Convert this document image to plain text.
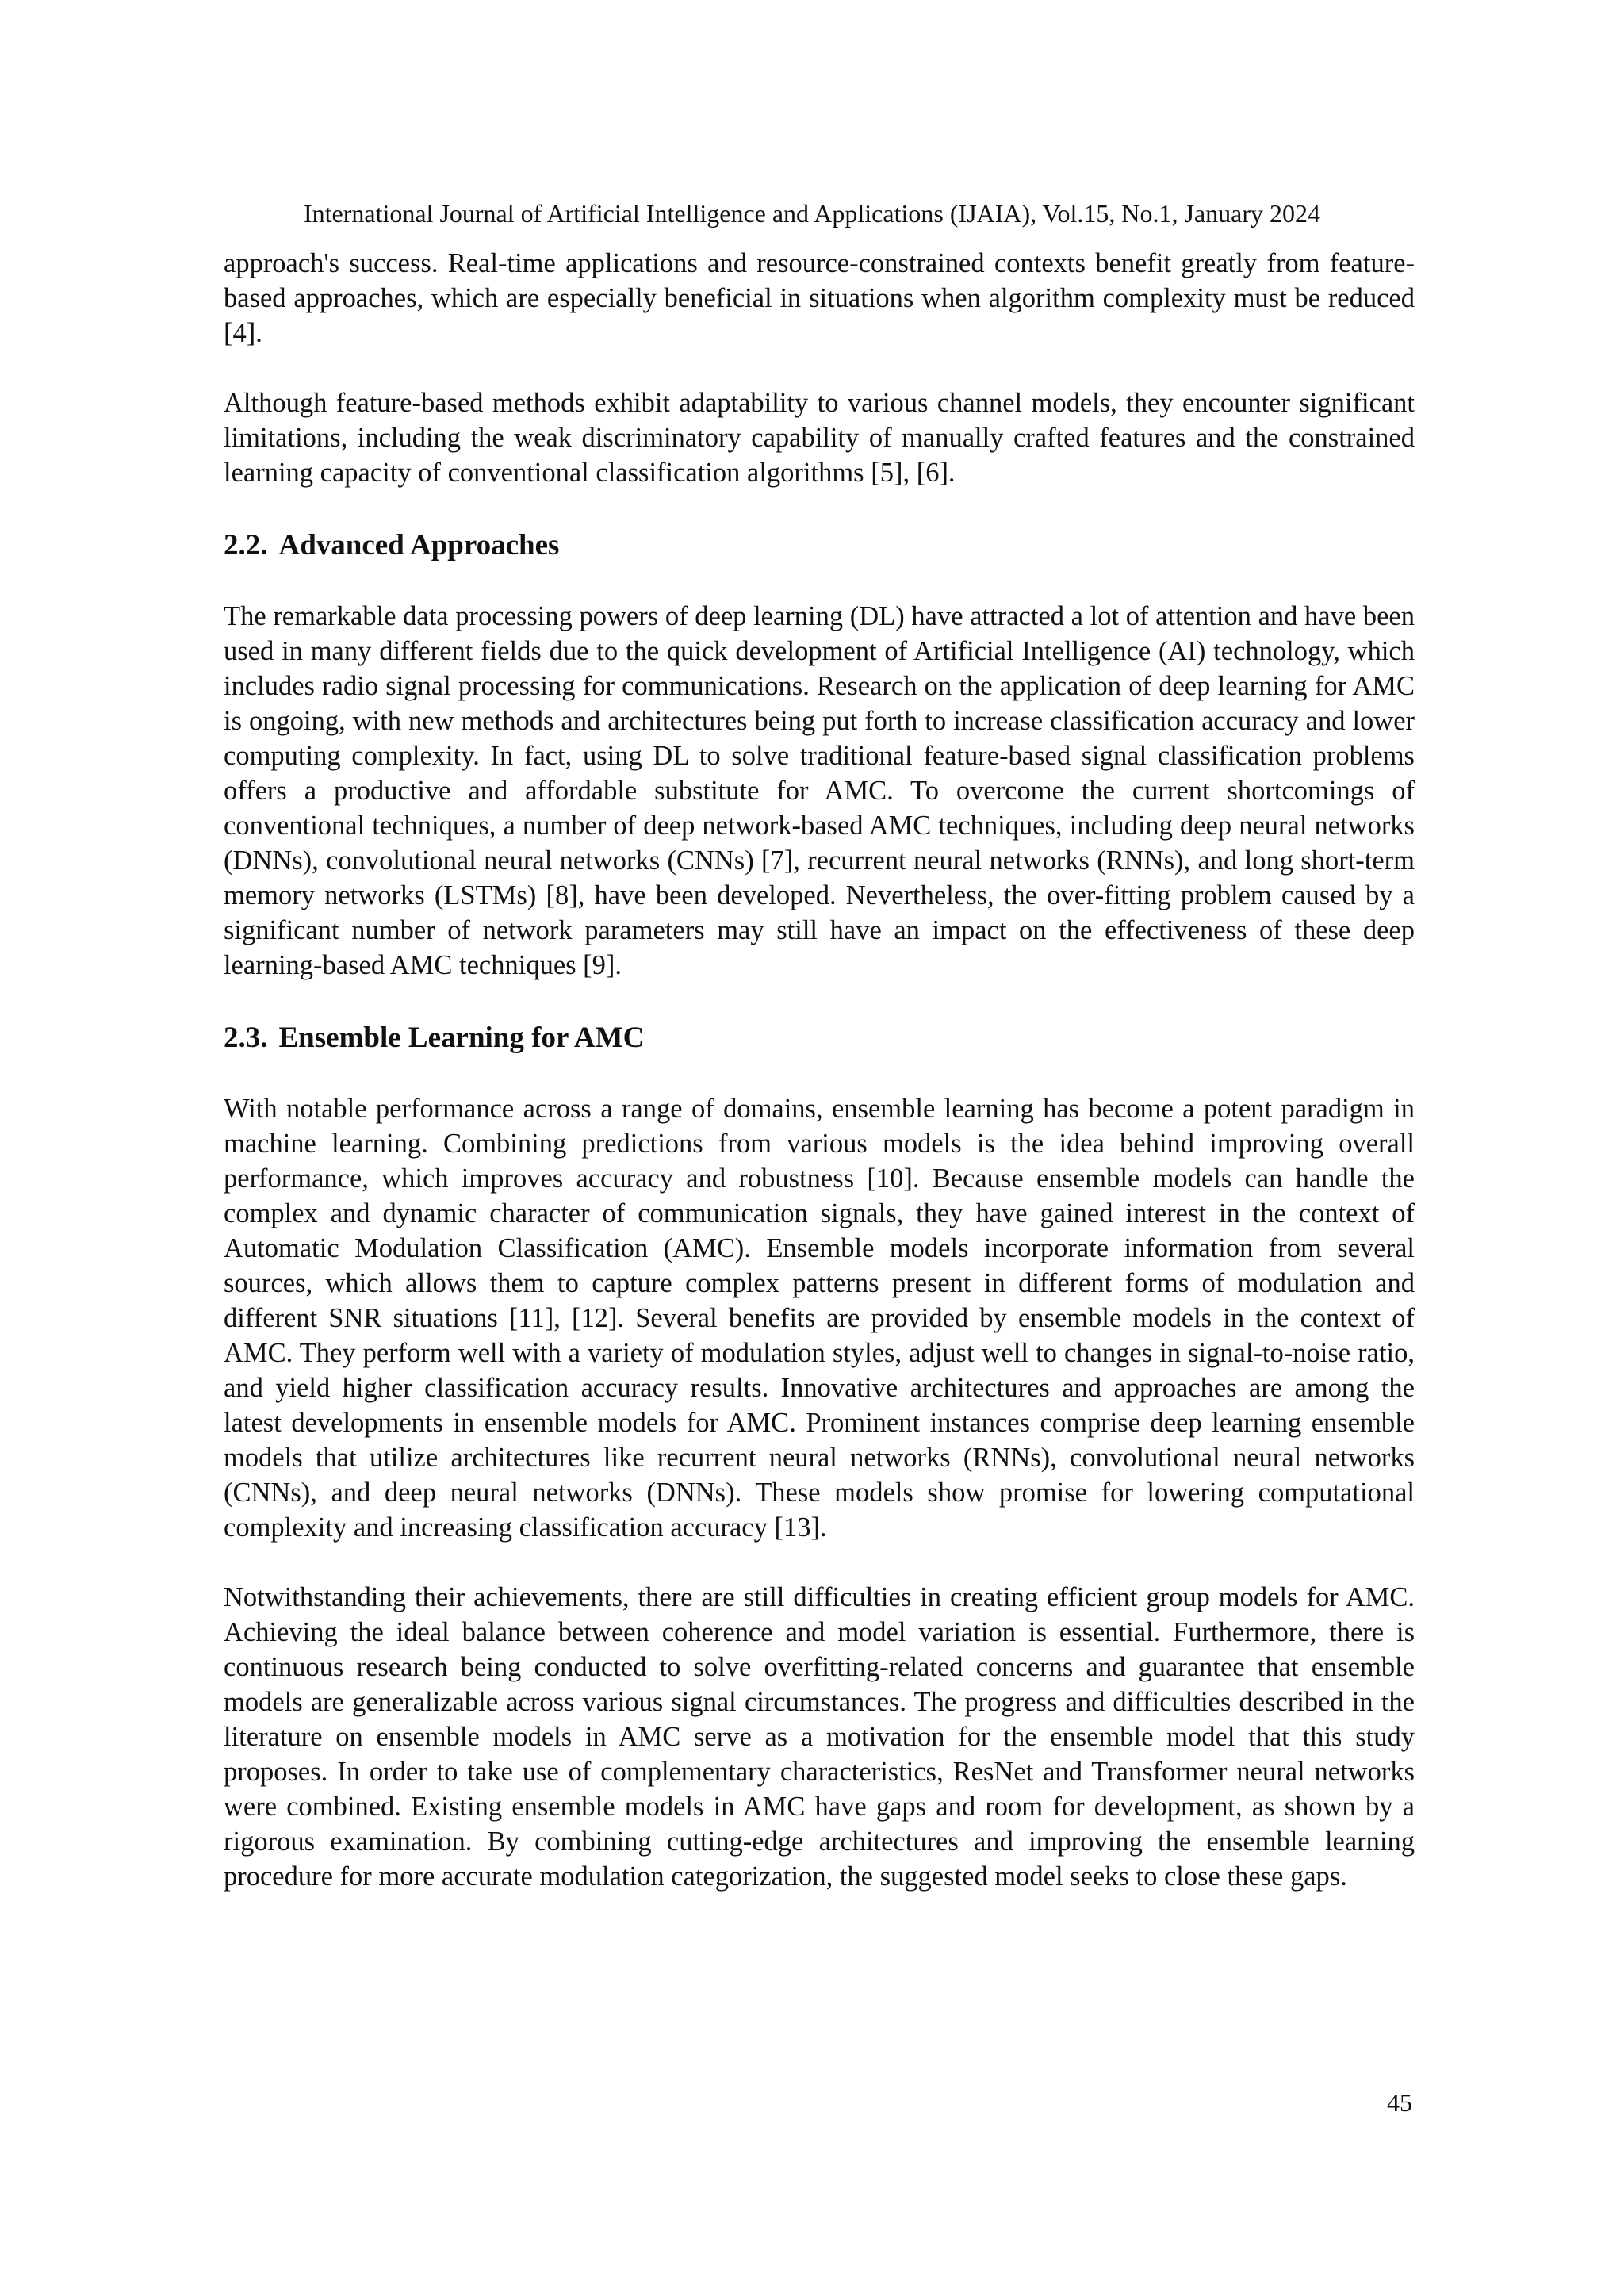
International Journal of Artificial Intelligence and Applications (IJAIA), Vol.15, No.1, January 2024

approach's success. Real-time applications and resource-constrained contexts benefit greatly from feature-based approaches, which are especially beneficial in situations when algorithm complexity must be reduced [4].

Although feature-based methods exhibit adaptability to various channel models, they encounter significant limitations, including the weak discriminatory capability of manually crafted features and the constrained learning capacity of conventional classification algorithms [5], [6].

2.2. Advanced Approaches

The remarkable data processing powers of deep learning (DL) have attracted a lot of attention and have been used in many different fields due to the quick development of Artificial Intelligence (AI) technology, which includes radio signal processing for communications. Research on the application of deep learning for AMC is ongoing, with new methods and architectures being put forth to increase classification accuracy and lower computing complexity. In fact, using DL to solve traditional feature-based signal classification problems offers a productive and affordable substitute for AMC. To overcome the current shortcomings of conventional techniques, a number of deep network-based AMC techniques, including deep neural networks (DNNs), convolutional neural networks (CNNs) [7], recurrent neural networks (RNNs), and long short-term memory networks (LSTMs) [8], have been developed. Nevertheless, the over-fitting problem caused by a significant number of network parameters may still have an impact on the effectiveness of these deep learning-based AMC techniques [9].

2.3. Ensemble Learning for AMC

With notable performance across a range of domains, ensemble learning has become a potent paradigm in machine learning. Combining predictions from various models is the idea behind improving overall performance, which improves accuracy and robustness [10]. Because ensemble models can handle the complex and dynamic character of communication signals, they have gained interest in the context of Automatic Modulation Classification (AMC). Ensemble models incorporate information from several sources, which allows them to capture complex patterns present in different forms of modulation and different SNR situations [11], [12]. Several benefits are provided by ensemble models in the context of AMC. They perform well with a variety of modulation styles, adjust well to changes in signal-to-noise ratio, and yield higher classification accuracy results. Innovative architectures and approaches are among the latest developments in ensemble models for AMC. Prominent instances comprise deep learning ensemble models that utilize architectures like recurrent neural networks (RNNs), convolutional neural networks (CNNs), and deep neural networks (DNNs). These models show promise for lowering computational complexity and increasing classification accuracy [13].

Notwithstanding their achievements, there are still difficulties in creating efficient group models for AMC. Achieving the ideal balance between coherence and model variation is essential. Furthermore, there is continuous research being conducted to solve overfitting-related concerns and guarantee that ensemble models are generalizable across various signal circumstances. The progress and difficulties described in the literature on ensemble models in AMC serve as a motivation for the ensemble model that this study proposes. In order to take use of complementary characteristics, ResNet and Transformer neural networks were combined. Existing ensemble models in AMC have gaps and room for development, as shown by a rigorous examination. By combining cutting-edge architectures and improving the ensemble learning procedure for more accurate modulation categorization, the suggested model seeks to close these gaps.

45
